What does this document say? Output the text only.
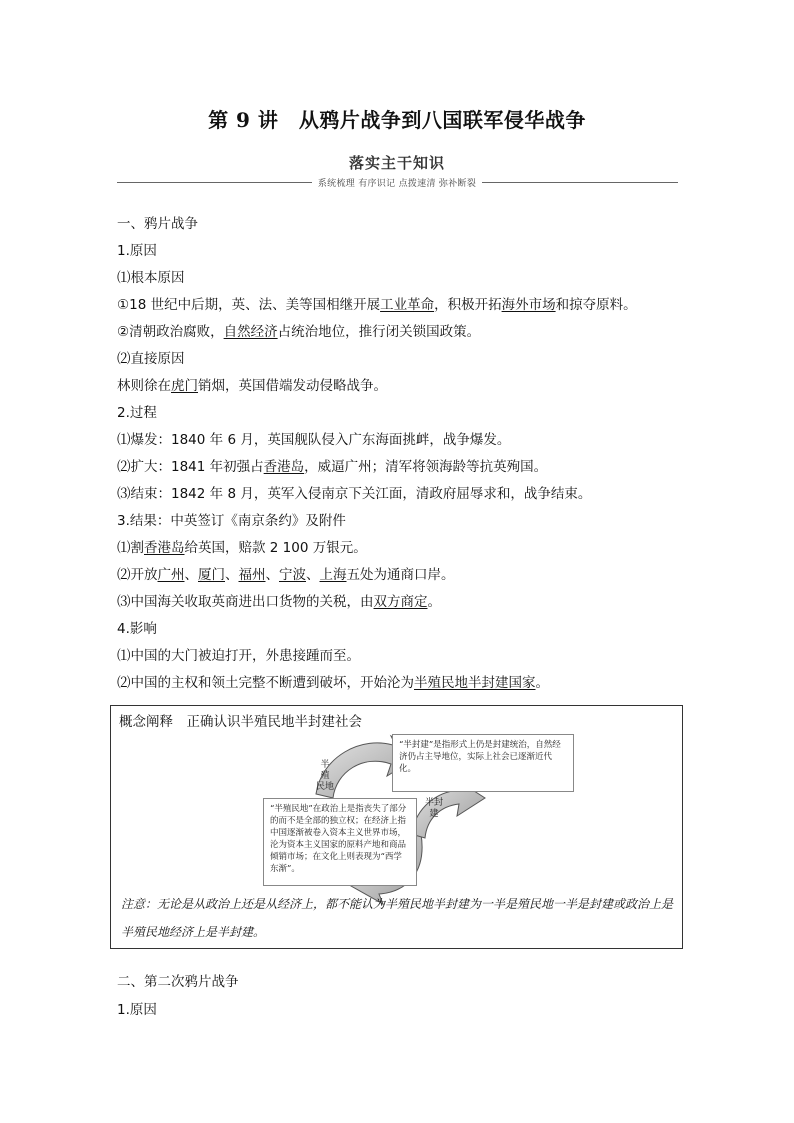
第 9 讲　从鸦片战争到八国联军侵华战争
落实主干知识
系统梳理 有序识记 点拨速清 弥补断裂
一、鸦片战争
1.原因
⑴根本原因
①18 世纪中后期，英、法、美等国相继开展工业革命，积极开拓海外市场和掠夺原料。
②清朝政治腐败，自然经济占统治地位，推行闭关锁国政策。
⑵直接原因
林则徐在虎门销烟，英国借端发动侵略战争。
2.过程
⑴爆发：1840 年 6 月，英国舰队侵入广东海面挑衅，战争爆发。
⑵扩大：1841 年初强占香港岛，威逼广州；清军将领海龄等抗英殉国。
⑶结束：1842 年 8 月，英军入侵南京下关江面，清政府屈辱求和，战争结束。
3.结果：中英签订《南京条约》及附件
⑴割香港岛给英国，赔款 2 100 万银元。
⑵开放广州、厦门、福州、宁波、上海五处为通商口岸。
⑶中国海关收取英商进出口货物的关税，由双方商定。
4.影响
⑴中国的大门被迫打开，外患接踵而至。
⑵中国的主权和领土完整不断遭到破坏，开始沦为半殖民地半封建国家。
概念阐释　正确认识半殖民地半封建社会
半
殖
民地
半封
建
“半封建”是指形式上仍是封建统治，自然经济仍占主导地位，实际上社会已逐渐近代化。
“半殖民地”在政治上是指丧失了部分的而不是全部的独立权；在经济上指中国逐渐被卷入资本主义世界市场，沦为资本主义国家的原料产地和商品倾销市场；在文化上则表现为“西学东渐”。
注意：无论是从政治上还是从经济上，都不能认为半殖民地半封建为一半是殖民地一半是封建或政治上是半殖民地经济上是半封建。
二、第二次鸦片战争
1.原因
